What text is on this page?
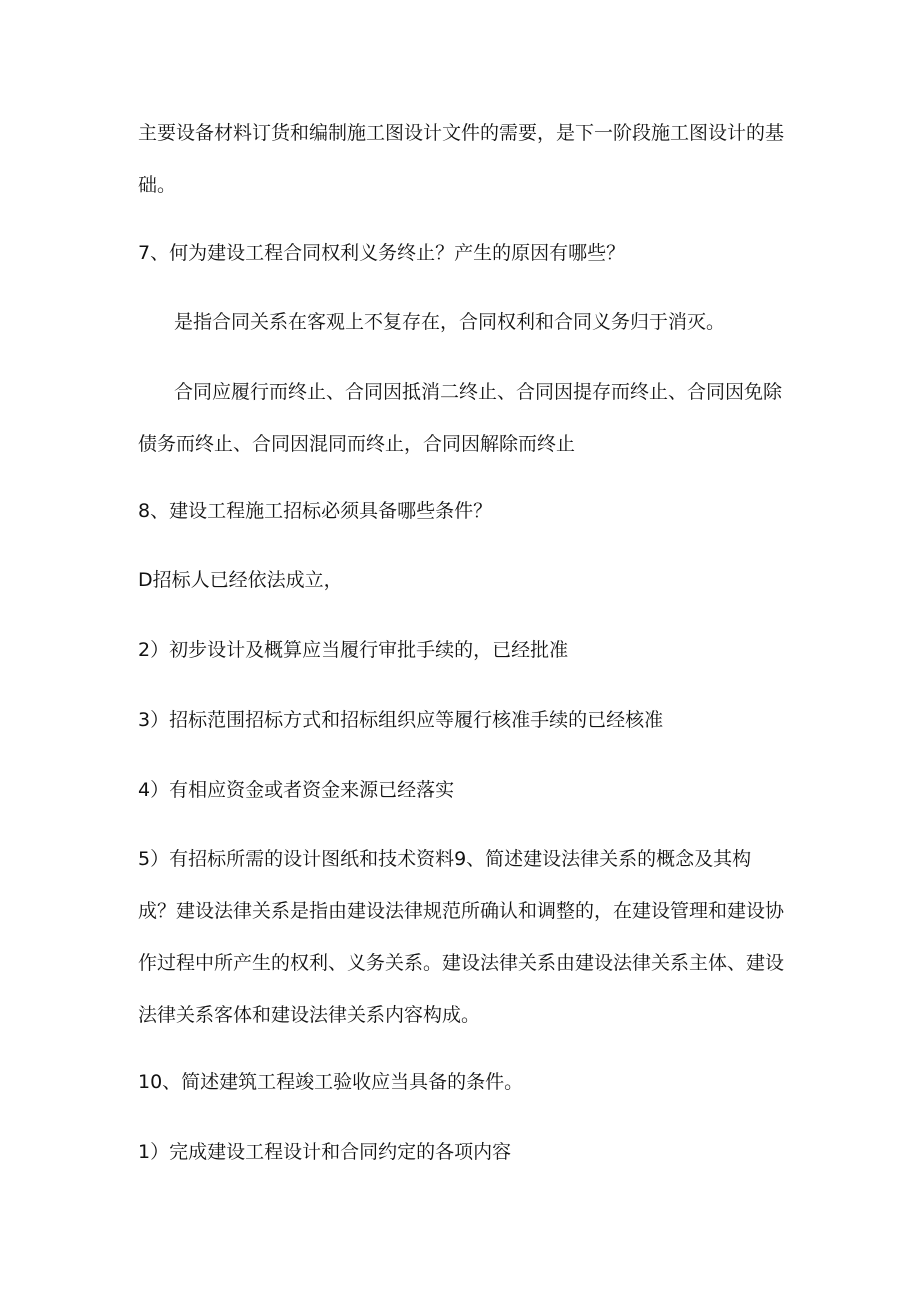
主要设备材料订货和编制施工图设计文件的需要，是下一阶段施工图设计的基础。

7、何为建设工程合同权利义务终止？产生的原因有哪些？

是指合同关系在客观上不复存在，合同权利和合同义务归于消灭。

合同应履行而终止、合同因抵消二终止、合同因提存而终止、合同因免除债务而终止、合同因混同而终止，合同因解除而终止

8、建设工程施工招标必须具备哪些条件？

D招标人已经依法成立，

2）初步设计及概算应当履行审批手续的，已经批准

3）招标范围招标方式和招标组织应等履行核准手续的已经核准

4）有相应资金或者资金来源已经落实

5）有招标所需的设计图纸和技术资料9、简述建设法律关系的概念及其构成？建设法律关系是指由建设法律规范所确认和调整的，在建设管理和建设协作过程中所产生的权利、义务关系。建设法律关系由建设法律关系主体、建设法律关系客体和建设法律关系内容构成。

10、简述建筑工程竣工验收应当具备的条件。

1）完成建设工程设计和合同约定的各项内容
